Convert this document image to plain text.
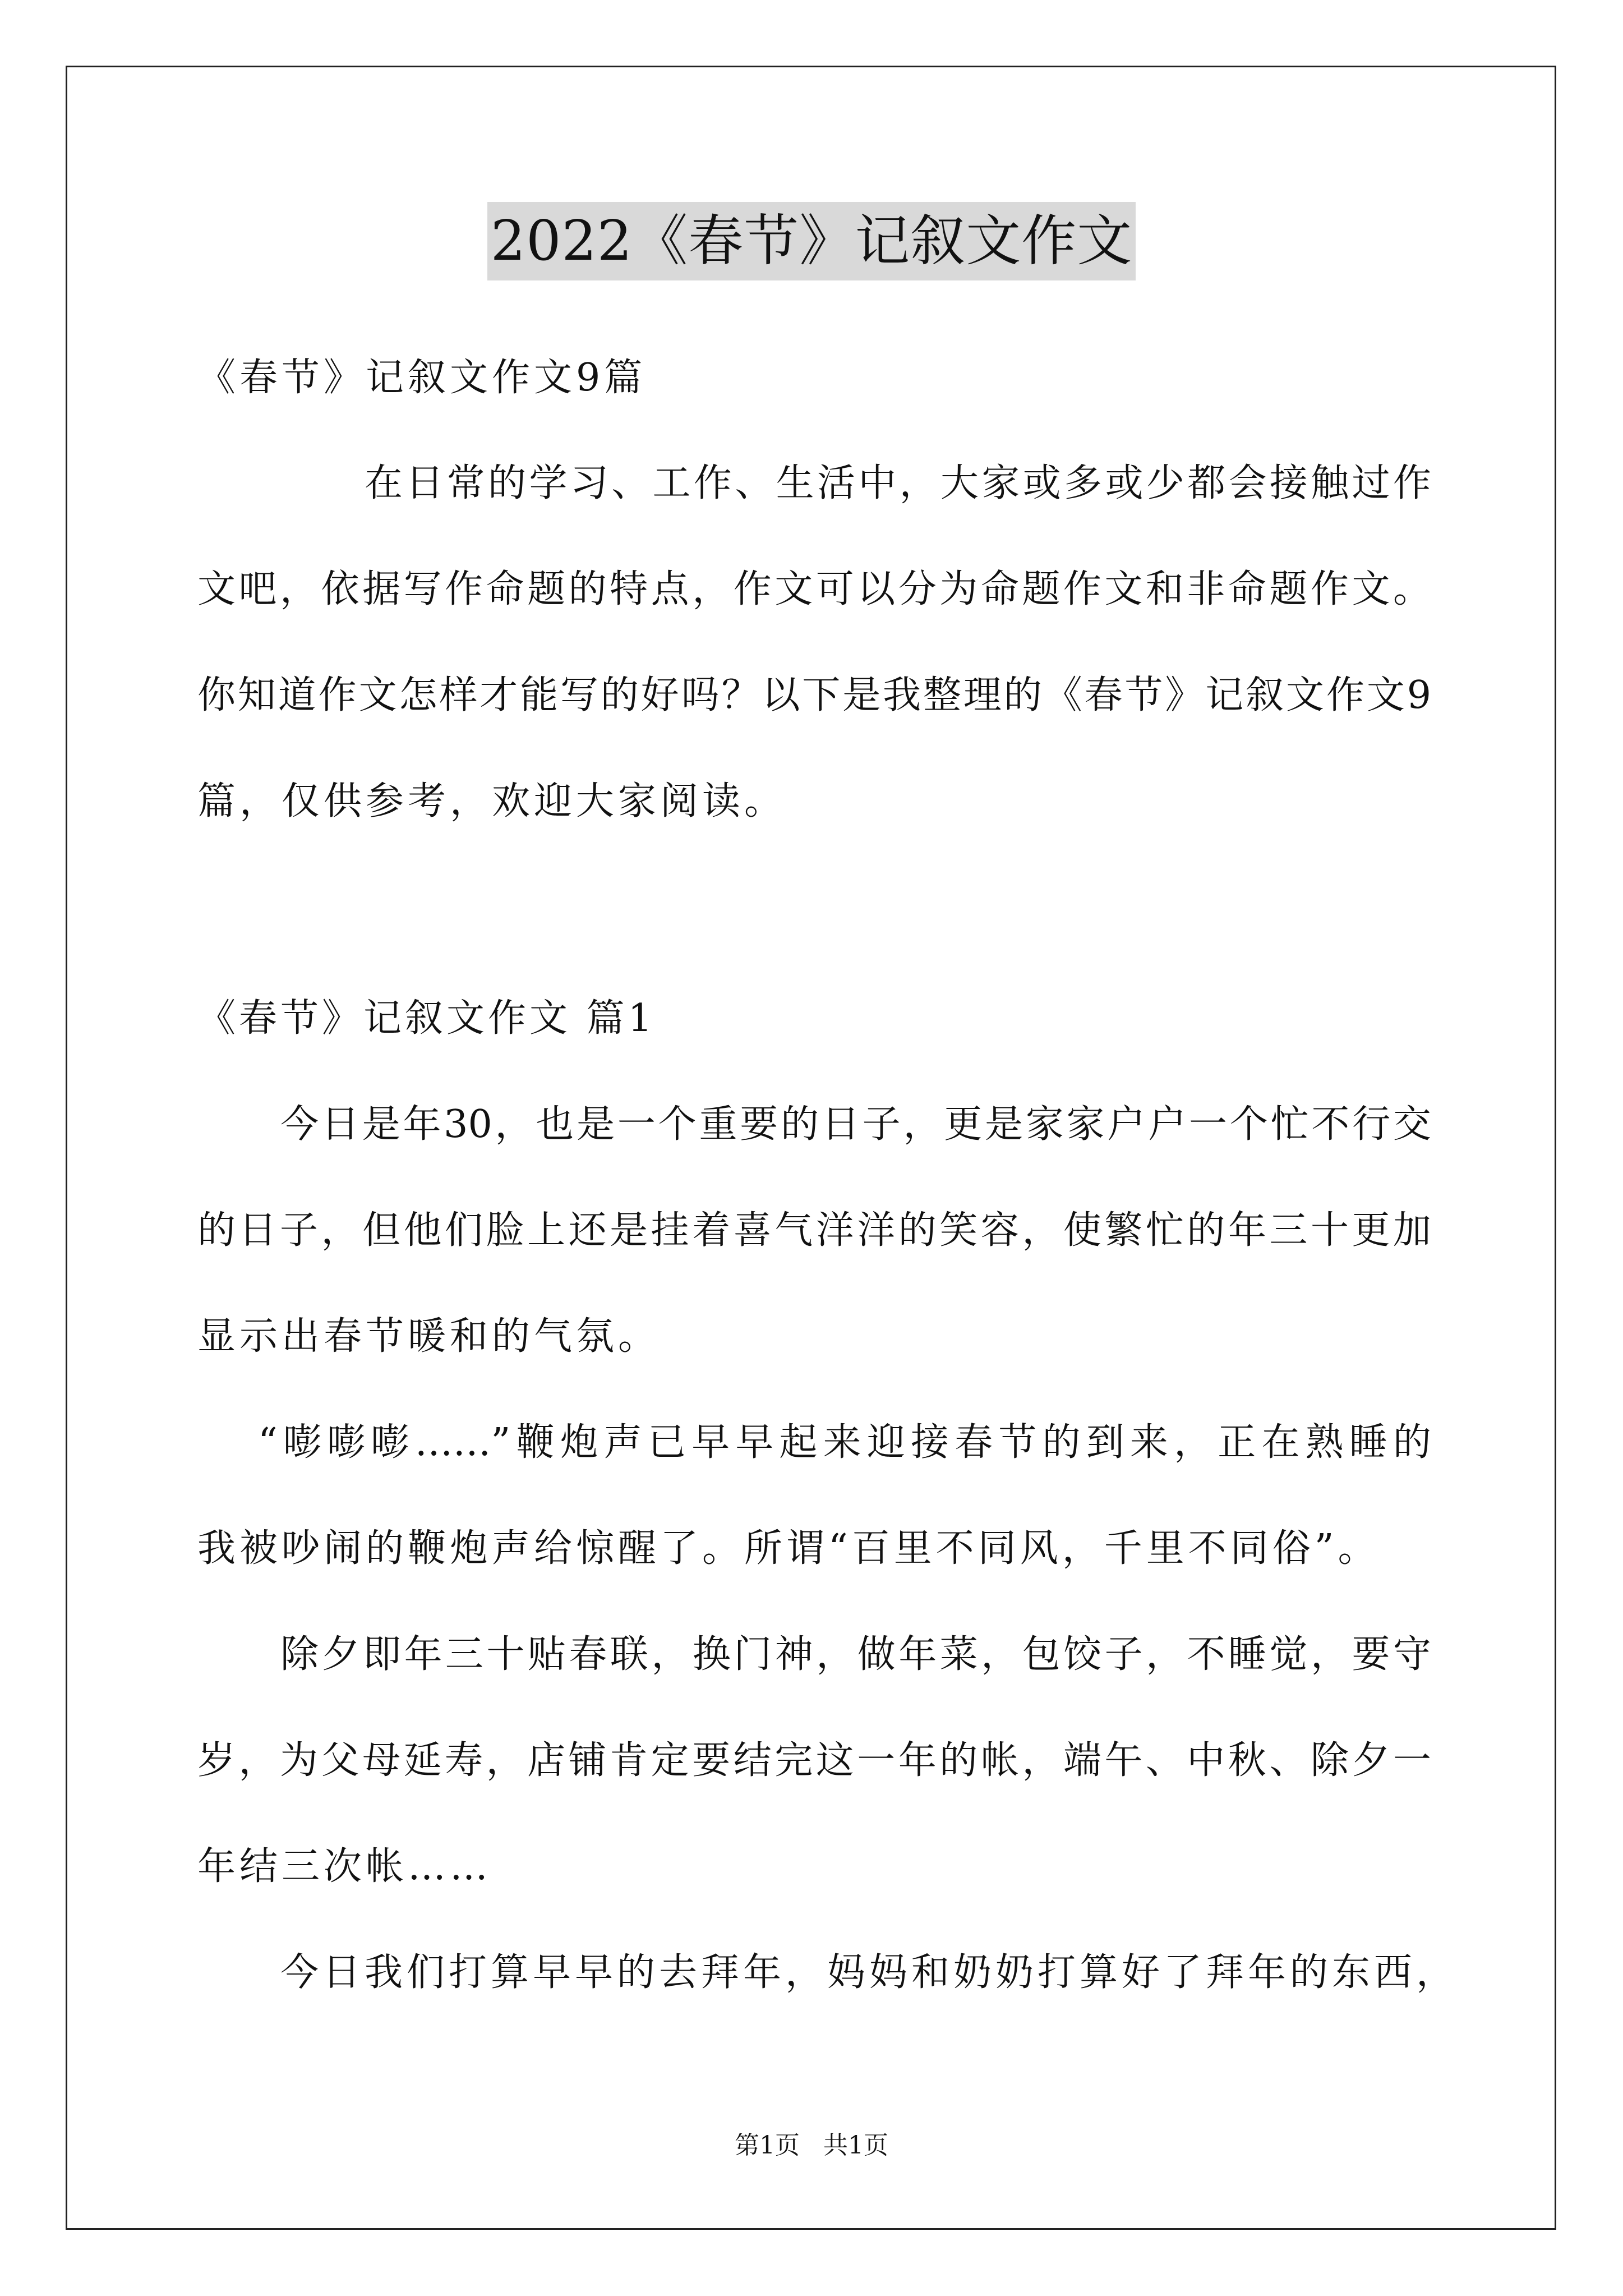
2022《春节》记叙文作文
《春节》记叙文作文9篇
在日常的学习、工作、生活中，大家或多或少都会接触过作
文吧，依据写作命题的特点，作文可以分为命题作文和非命题作文。
你知道作文怎样才能写的好吗？以下是我整理的《春节》记叙文作文9
篇，仅供参考，欢迎大家阅读。
《春节》记叙文作文 篇1
今日是年30，也是一个重要的日子，更是家家户户一个忙不行交
的日子，但他们脸上还是挂着喜气洋洋的笑容，使繁忙的年三十更加
显示出春节暖和的气氛。
“嘭嘭嘭……”鞭炮声已早早起来迎接春节的到来，正在熟睡的
我被吵闹的鞭炮声给惊醒了。所谓“百里不同风，千里不同俗”。
除夕即年三十贴春联，换门神，做年菜，包饺子，不睡觉，要守
岁，为父母延寿，店铺肯定要结完这一年的帐，端午、中秋、除夕一
年结三次帐……
今日我们打算早早的去拜年，妈妈和奶奶打算好了拜年的东西，
第1页 共1页
